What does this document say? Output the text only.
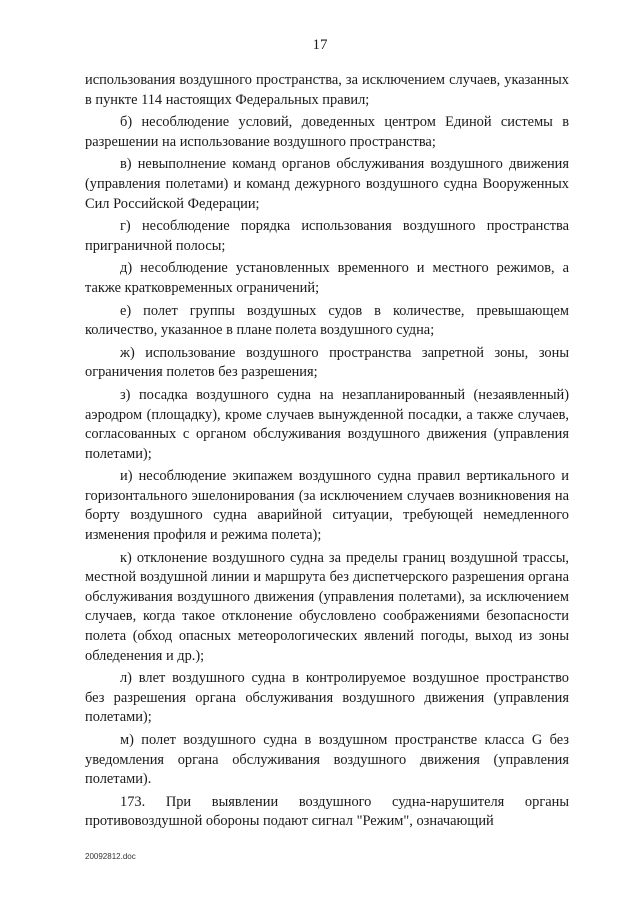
17

использования воздушного пространства, за исключением случаев, указанных в пункте 114 настоящих Федеральных правил;

б) несоблюдение условий, доведенных центром Единой системы в разрешении на использование воздушного пространства;

в) невыполнение команд органов обслуживания воздушного движения (управления полетами) и команд дежурного воздушного судна Вооруженных Сил Российской Федерации;

г) несоблюдение порядка использования воздушного пространства приграничной полосы;

д) несоблюдение установленных временного и местного режимов, а также кратковременных ограничений;

е) полет группы воздушных судов в количестве, превышающем количество, указанное в плане полета воздушного судна;

ж) использование воздушного пространства запретной зоны, зоны ограничения полетов без разрешения;

з) посадка воздушного судна на незапланированный (незаявленный) аэродром (площадку), кроме случаев вынужденной посадки, а также случаев, согласованных с органом обслуживания воздушного движения (управления полетами);

и) несоблюдение экипажем воздушного судна правил вертикального и горизонтального эшелонирования (за исключением случаев возникновения на борту воздушного судна аварийной ситуации, требующей немедленного изменения профиля и режима полета);

к) отклонение воздушного судна за пределы границ воздушной трассы, местной воздушной линии и маршрута без диспетчерского разрешения органа обслуживания воздушного движения (управления полетами), за исключением случаев, когда такое отклонение обусловлено соображениями безопасности полета (обход опасных метеорологических явлений погоды, выход из зоны обледенения и др.);

л) влет воздушного судна в контролируемое воздушное пространство без разрешения органа обслуживания воздушного движения (управления полетами);

м) полет воздушного судна в воздушном пространстве класса G без уведомления органа обслуживания воздушного движения (управления полетами).

173. При выявлении воздушного судна-нарушителя органы противовоздушной обороны подают сигнал "Режим", означающий

20092812.doc
